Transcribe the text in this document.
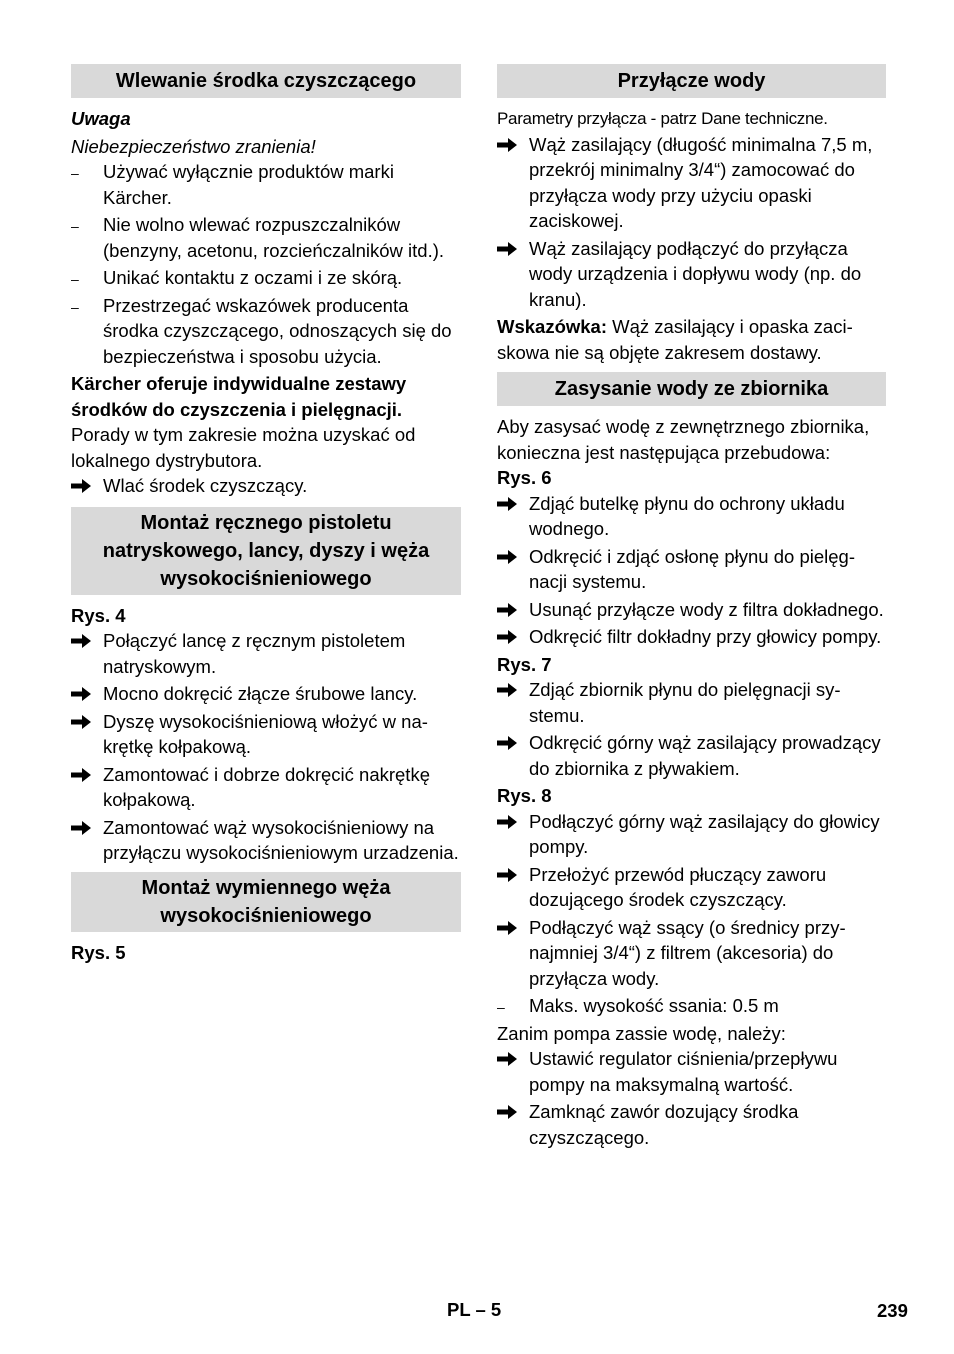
Wlewanie środka czyszczącego

Uwaga

Niebezpieczeństwo zranienia!

–	Używać wyłącznie produktów marki Kärcher.
–	Nie wolno wlewać rozpuszczalników (benzyny, acetonu, rozcieńczalników itd.).
–	Unikać kontaktu z oczami i ze skórą.
–	Przestrzegać wskazówek producenta środka czyszczącego, odnoszących się do bezpieczeństwa i sposobu użycia.

Kärcher oferuje indywidualne zestawy środków do czyszczenia i pielęgnacji.

Porady w tym zakresie można uzyskać od lokalnego dystrybutora.

Wlać środek czyszczący.
Montaż ręcznego pistoletu natryskowego, lancy, dyszy i węża wysokociśnieniowego

Rys. 4

Połączyć lancę z ręcznym pistoletem natryskowym.
Mocno dokręcić złącze śrubowe lancy.
Dyszę wysokociśnieniową włożyć w nakrętkę kołpakową.
Zamontować i dobrze dokręcić nakrętkę kołpakową.
Zamontować wąż wysokociśnieniowy na przyłączu wysokociśnieniowym urzadzenia.
Montaż wymiennego węża wysokociśnieniowego

Rys. 5

Przyłącze wody

Parametry przyłącza - patrz Dane techniczne.

Wąż zasilający (długość minimalna 7,5 m, przekrój minimalny 3/4“) zamocować do przyłącza wody przy użyciu opaski zaciskowej.
Wąż zasilający podłączyć do przyłącza wody urządzenia i dopływu wody (np. do kranu).

Wskazówka: Wąż zasilający i opaska zaciskowa nie są objęte zakresem dostawy.

Zasysanie wody ze zbiornika

Aby zasysać wodę z zewnętrznego zbiornika, konieczna jest następująca przebudowa:

Rys. 6

Zdjąć butelkę płynu do ochrony układu wodnego.
Odkręcić i zdjąć osłonę płynu do pielęgnacji systemu.
Usunąć przyłącze wody z filtra dokładnego.
Odkręcić filtr dokładny przy głowicy pompy.

Rys. 7

Zdjąć zbiornik płynu do pielęgnacji systemu.
Odkręcić górny wąż zasilający prowadzący do zbiornika z pływakiem.

Rys. 8

Podłączyć górny wąż zasilający do głowicy pompy.
Przełożyć przewód płuczący zaworu dozującego środek czyszczący.
Podłączyć wąż ssący (o średnicy przynajmniej 3/4“) z filtrem (akcesoria) do przyłącza wody.
–	Maks. wysokość ssania: 0.5 m

Zanim pompa zassie wodę, należy:

Ustawić regulator ciśnienia/przepływu pompy na maksymalną wartość.
Zamknąć zawór dozujący środka czyszczącego.
PL – 5	239
